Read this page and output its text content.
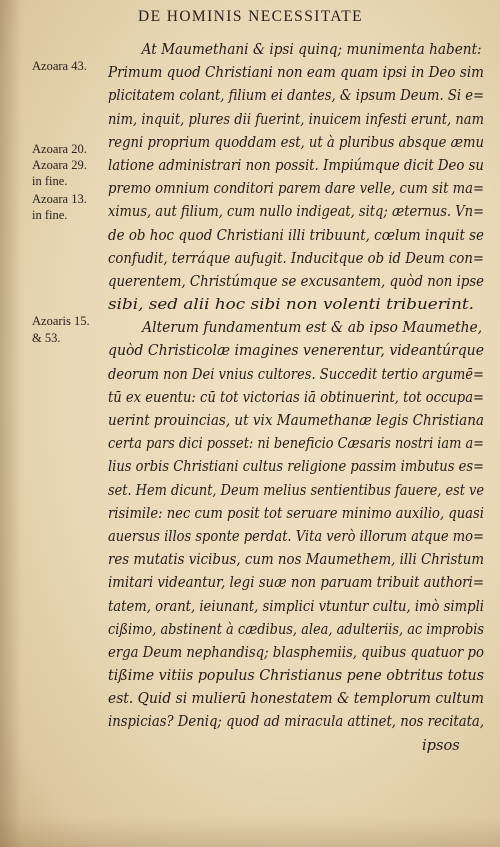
DE HOMINIS NECESSITATE
Azoara 43.
Azoara 20.
Azoara 29.
in fine.
Azoara 13.
in fine.
Azoaris 15.
& 53.
At Maumethani & ipsi quinq; munimenta habent:
Primum quod Christiani non eam quam ipsi in Deo sim
plicitatem colant, filium ei dantes, & ipsum Deum. Si e=
nim, inquit, plures dii fuerint, inuicem infesti erunt, nam
regni proprium quoddam est, ut à pluribus absque æmu
latione administrari non possit. Impiúmque dicit Deo su
premo omnium conditori parem dare velle, cum sit ma=
ximus, aut filium, cum nullo indigeat, sitq; æternus. Vn=
de ob hoc quod Christiani illi tribuunt, cœlum inquit se
confudit, terráque aufugit. Inducitque ob id Deum con=
querentem, Christúmque se excusantem, quòd non ipse
sibi, sed alii hoc sibi non volenti tribuerint.
Alterum fundamentum est & ab ipso Maumethe,
quòd Christicolæ imagines venerentur, videantúrque
deorum non Dei vnius cultores. Succedit tertio argumē=
tū ex euentu: cū tot victorias iā obtinuerint, tot occupa=
uerint prouincias, ut vix Maumethanæ legis Christiana
certa pars dici posset: ni beneficio Cæsaris nostri iam a=
lius orbis Christiani cultus religione passim imbutus es=
set. Hem dicunt, Deum melius sentientibus fauere, est ve
risimile: nec cum posit tot seruare minimo auxilio, quasi
auersus illos sponte perdat. Vita verò illorum atque mo=
res mutatis vicibus, cum nos Maumethem, illi Christum
imitari videantur, legi suæ non paruam tribuit authori=
tatem, orant, ieiunant, simplici vtuntur cultu, imò simpli
cißimo, abstinent à cædibus, alea, adulteriis, ac improbis
erga Deum nephandisq; blasphemiis, quibus quatuor po
tißime vitiis populus Christianus pene obtritus totus
est. Quid si mulierū honestatem & templorum cultum
inspicias? Deniq; quod ad miracula attinet, nos recitata,
ipsos
